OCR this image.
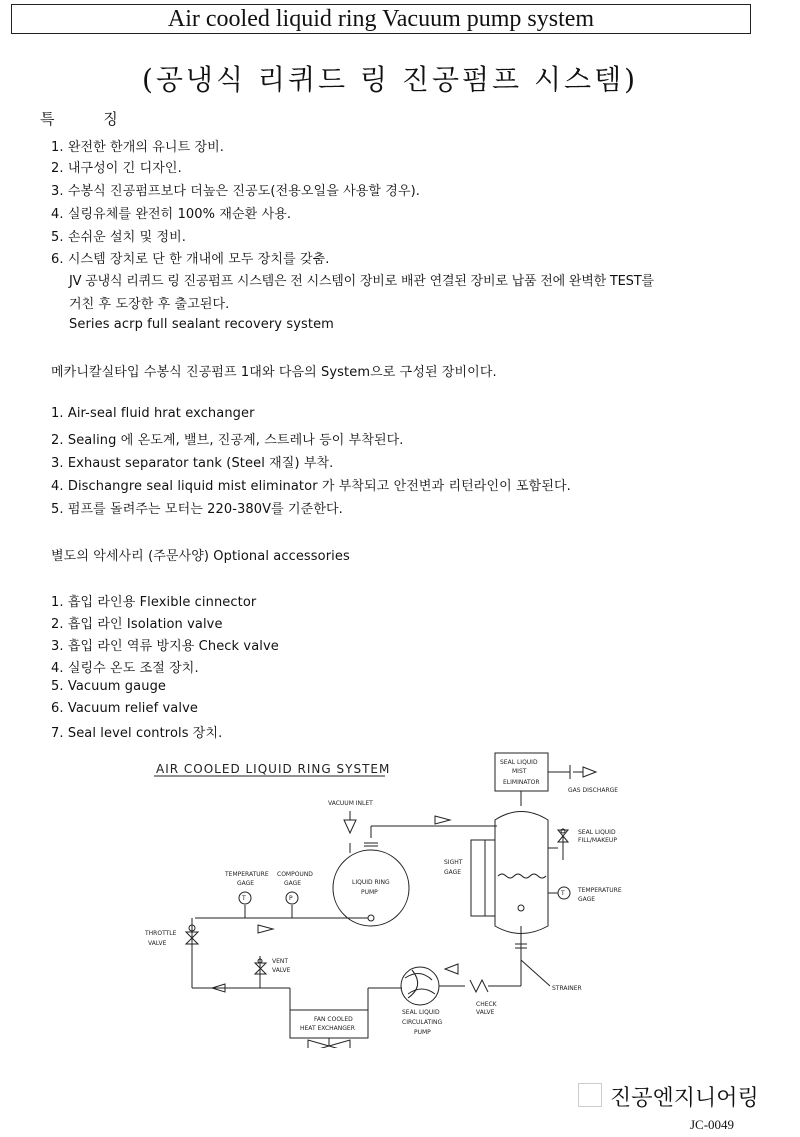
Air cooled liquid ring Vacuum pump system
(공냉식 리퀴드 링 진공펌프 시스템)
특 징
1. 완전한 한개의 유니트 장비.
2. 내구성이 긴 디자인.
3. 수봉식 진공펌프보다 더높은 진공도(전용오일을 사용할 경우).
4. 실링유체를 완전히 100% 재순환 사용.
5. 손쉬운 설치 및 정비.
6. 시스템 장치로 단 한 개내에 모두 장치를 갖춤.
JV 공냉식 리퀴드 링 진공펌프 시스템은 전 시스템이 장비로 배관 연결된 장비로 납품 전에 완벽한 TEST를
거친 후 도장한 후 출고된다.
Series acrp full sealant recovery system
메카니칼실타입 수봉식 진공펌프 1대와 다음의 System으로 구성된 장비이다.
1. Air-seal fluid hrat exchanger
2. Sealing 에 온도계, 밸브, 진공계, 스트레나 등이 부착된다.
3. Exhaust separator tank (Steel 재질) 부착.
4. Dischangre seal liquid mist eliminator 가 부착되고 안전변과 리턴라인이 포함된다.
5. 펌프를 돌려주는 모터는 220-380V를 기준한다.
별도의 악세사리 (주문사양) Optional accessories
1. 흡입 라인용 Flexible cinnector
2. 흡입 라인 Isolation valve
3. 흡입 라인 역류 방지용 Check valve
4. 실링수 온도 조절 장치.
5. Vacuum gauge
6. Vacuum relief valve
7. Seal level controls 장치.
AIR COOLED LIQUID RING SYSTEM	SEAL LIQUID
MIST
ELIMINATOR
GAS DISCHARGE
VACUUM INLET
SEAL LIQUID
FILL/MAKEUP
SIGHT
GAGE
TEMPERATURE
GAGE
COMPOUND
GAGE	LIQUID RING
PUMP	TEMPERATURE
GAGE
THROTTLE
VALVE
VENT
VALVE
STRAINER
CHECK
VALVE
SEAL LIQUID
CIRCULATING
PUMP
FAN COOLED
HEAT EXCHANGER
T	P
T
진공엔지니어링
JC-0049
